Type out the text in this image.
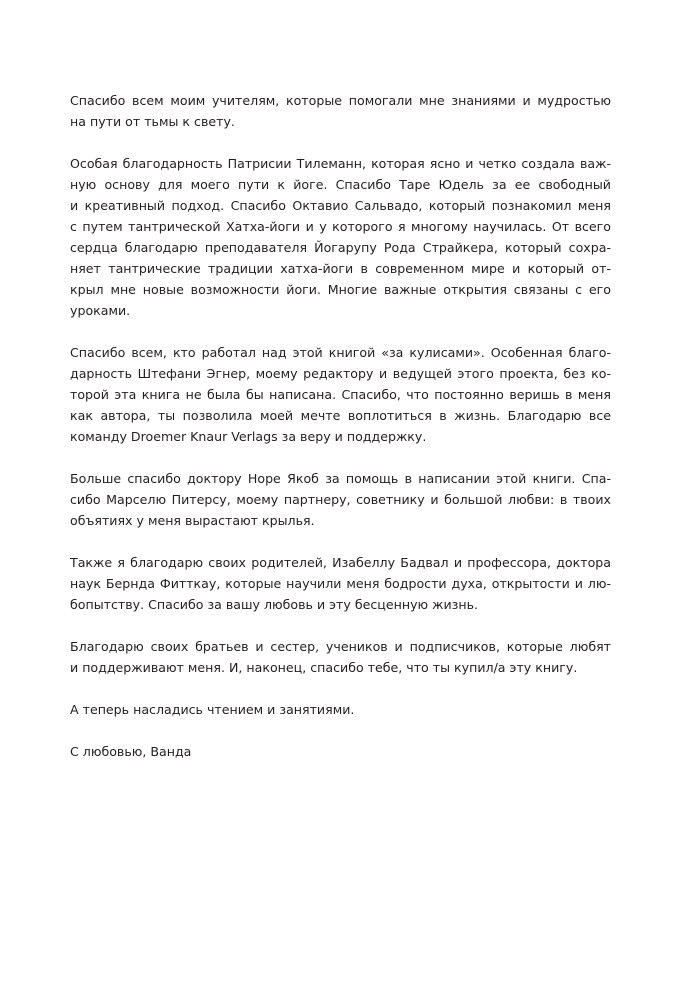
Спасибо всем моим учителям, которые помогали мне знаниями и мудростью
на пути от тьмы к свету.

Особая благодарность Патрисии Тилеманн, которая ясно и четко создала важ-
ную основу для моего пути к йоге. Спасибо Таре Юдель за ее свободный
и креативный подход. Спасибо Октавио Сальвадо, который познакомил меня
с путем тантрической Хатха-йоги и у которого я многому научилась. От всего
сердца благодарю преподавателя Йогарупу Рода Страйкера, который сохра-
няет тантрические традиции хатха-йоги в современном мире и который от-
крыл мне новые возможности йоги. Многие важные открытия связаны с его
уроками.

Спасибо всем, кто работал над этой книгой «за кулисами». Особенная благо-
дарность Штефани Эгнер, моему редактору и ведущей этого проекта, без ко-
торой эта книга не была бы написана. Спасибо, что постоянно веришь в меня
как автора, ты позволила моей мечте воплотиться в жизнь. Благодарю все
команду Droemer Knaur Verlags за веру и поддержку.

Больше спасибо доктору Норе Якоб за помощь в написании этой книги. Спа-
сибо Марселю Питерсу, моему партнеру, советнику и большой любви: в твоих
объятиях у меня вырастают крылья.

Также я благодарю своих родителей, Изабеллу Бадвал и профессора, доктора
наук Бернда Фитткау, которые научили меня бодрости духа, открытости и лю-
бопытству. Спасибо за вашу любовь и эту бесценную жизнь.

Благодарю своих братьев и сестер, учеников и подписчиков, которые любят
и поддерживают меня. И, наконец, спасибо тебе, что ты купил/а эту книгу.

А теперь насладись чтением и занятиями.

С любовью, Ванда
